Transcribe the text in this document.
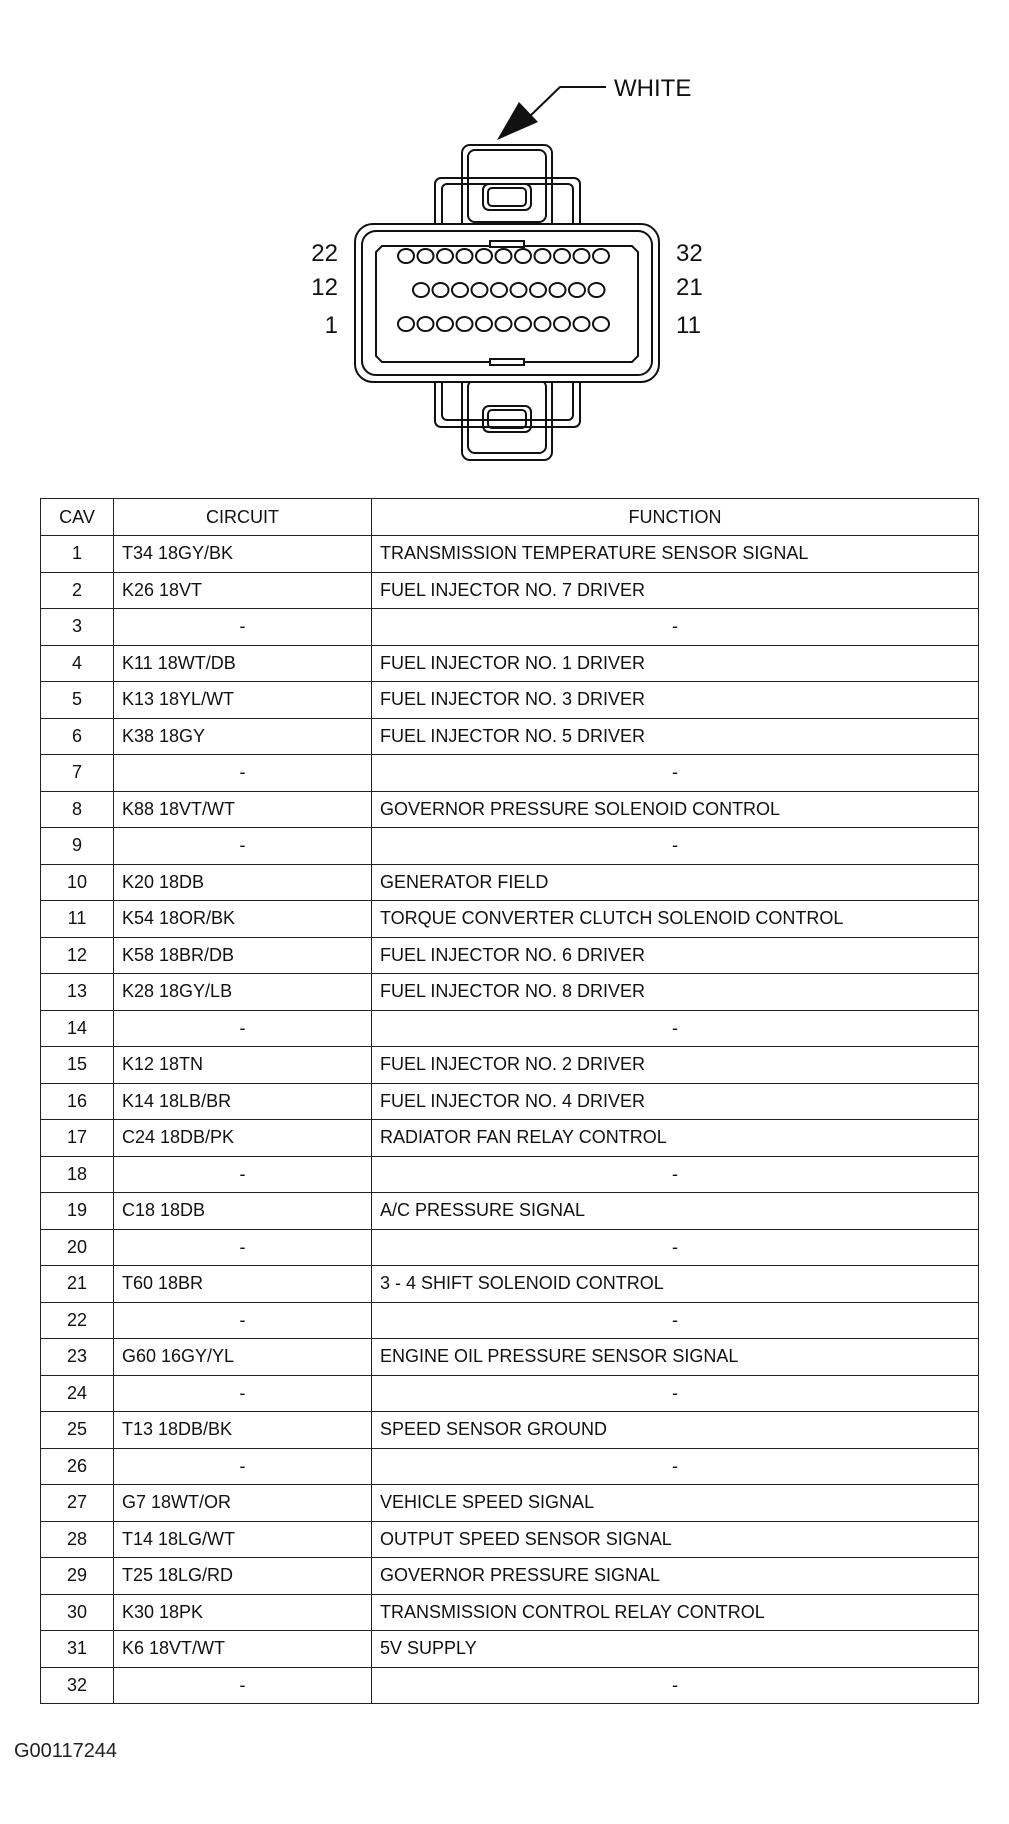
WHITE
22
12
1
32
21
11
CAV	CIRCUIT	FUNCTION
1	T34 18GY/BK	TRANSMISSION TEMPERATURE SENSOR SIGNAL
2	K26 18VT	FUEL INJECTOR NO. 7 DRIVER
3	-	-
4	K11 18WT/DB	FUEL INJECTOR NO. 1 DRIVER
5	K13 18YL/WT	FUEL INJECTOR NO. 3 DRIVER
6	K38 18GY	FUEL INJECTOR NO. 5 DRIVER
7	-	-
8	K88 18VT/WT	GOVERNOR PRESSURE SOLENOID CONTROL
9	-	-
10	K20 18DB	GENERATOR FIELD
11	K54 18OR/BK	TORQUE CONVERTER CLUTCH SOLENOID CONTROL
12	K58 18BR/DB	FUEL INJECTOR NO. 6 DRIVER
13	K28 18GY/LB	FUEL INJECTOR NO. 8 DRIVER
14	-	-
15	K12 18TN	FUEL INJECTOR NO. 2 DRIVER
16	K14 18LB/BR	FUEL INJECTOR NO. 4 DRIVER
17	C24 18DB/PK	RADIATOR FAN RELAY CONTROL
18	-	-
19	C18 18DB	A/C PRESSURE SIGNAL
20	-	-
21	T60 18BR	3 - 4 SHIFT SOLENOID CONTROL
22	-	-
23	G60 16GY/YL	ENGINE OIL PRESSURE SENSOR SIGNAL
24	-	-
25	T13 18DB/BK	SPEED SENSOR GROUND
26	-	-
27	G7 18WT/OR	VEHICLE SPEED SIGNAL
28	T14 18LG/WT	OUTPUT SPEED SENSOR SIGNAL
29	T25 18LG/RD	GOVERNOR PRESSURE SIGNAL
30	K30 18PK	TRANSMISSION CONTROL RELAY CONTROL
31	K6 18VT/WT	5V SUPPLY
32	-	-
G00117244
